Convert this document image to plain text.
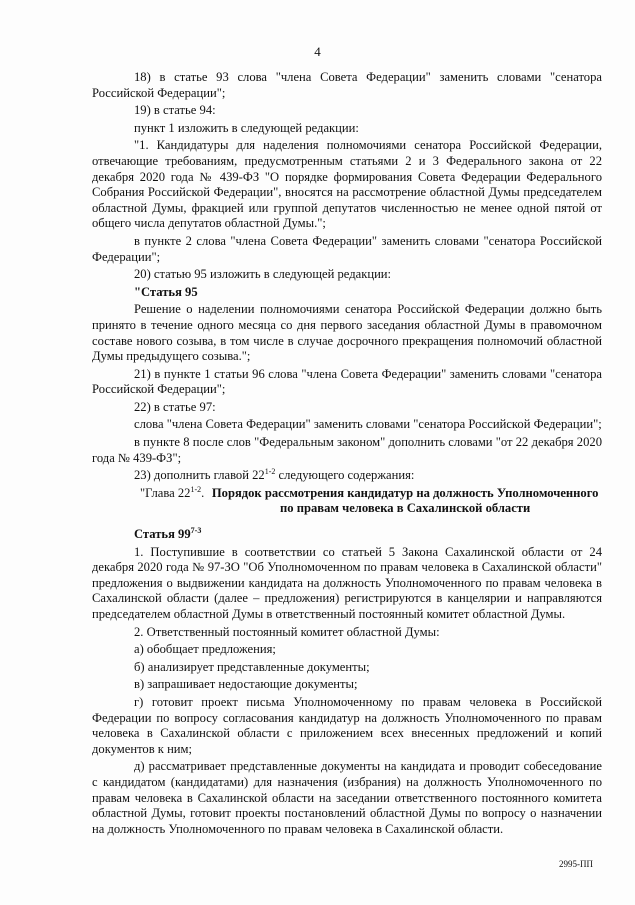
4

18) в статье 93 слова "члена Совета Федерации" заменить словами "сенатора Российской Федерации";

19) в статье 94:

пункт 1 изложить в следующей редакции:

"1. Кандидатуры для наделения полномочиями сенатора Российской Федерации, отвечающие требованиям, предусмотренным статьями 2 и 3 Федерального закона от 22 декабря 2020 года № 439-ФЗ "О порядке формирования Совета Федерации Федерального Собрания Российской Федерации", вносятся на рассмотрение областной Думы председателем областной Думы, фракцией или группой депутатов численностью не менее одной пятой от общего числа депутатов областной Думы.";

в пункте 2 слова "члена Совета Федерации" заменить словами "сенатора Российской Федерации";

20) статью 95 изложить в следующей редакции:

"Статья 95

Решение о наделении полномочиями сенатора Российской Федерации должно быть принято в течение одного месяца со дня первого заседания областной Думы в правомочном составе нового созыва, в том числе в случае досрочного прекращения полномочий областной Думы предыдущего созыва.";

21) в пункте 1 статьи 96 слова "члена Совета Федерации" заменить словами "сенатора Российской Федерации";

22) в статье 97:

слова "члена Совета Федерации" заменить словами "сенатора Российской Федерации";

в пункте 8 после слов "Федеральным законом" дополнить словами "от 22 декабря 2020 года № 439-ФЗ";

23) дополнить главой 22$^{1-2}$ следующего содержания:

"Глава 22$^{1-2}$. Порядок рассмотрения кандидатур на должность Уполномоченного
по правам человека в Сахалинской области

Статья 99$^{7-3}$

1. Поступившие в соответствии со статьей 5 Закона Сахалинской области от 24 декабря 2020 года № 97-ЗО "Об Уполномоченном по правам человека в Сахалинской области" предложения о выдвижении кандидата на должность Уполномоченного по правам человека в Сахалинской области (далее – предложения) регистрируются в канцелярии и направляются председателем областной Думы в ответственный постоянный комитет областной Думы.

2. Ответственный постоянный комитет областной Думы:

а) обобщает предложения;

б) анализирует представленные документы;

в) запрашивает недостающие документы;

г) готовит проект письма Уполномоченному по правам человека в Российской Федерации по вопросу согласования кандидатур на должность Уполномоченного по правам человека в Сахалинской области с приложением всех внесенных предложений и копий документов к ним;

д) рассматривает представленные документы на кандидата и проводит собеседование с кандидатом (кандидатами) для назначения (избрания) на должность Уполномоченного по правам человека в Сахалинской области на заседании ответственного постоянного комитета областной Думы, готовит проекты постановлений областной Думы по вопросу о назначении на должность Уполномоченного по правам человека в Сахалинской области.

2995-ПП
